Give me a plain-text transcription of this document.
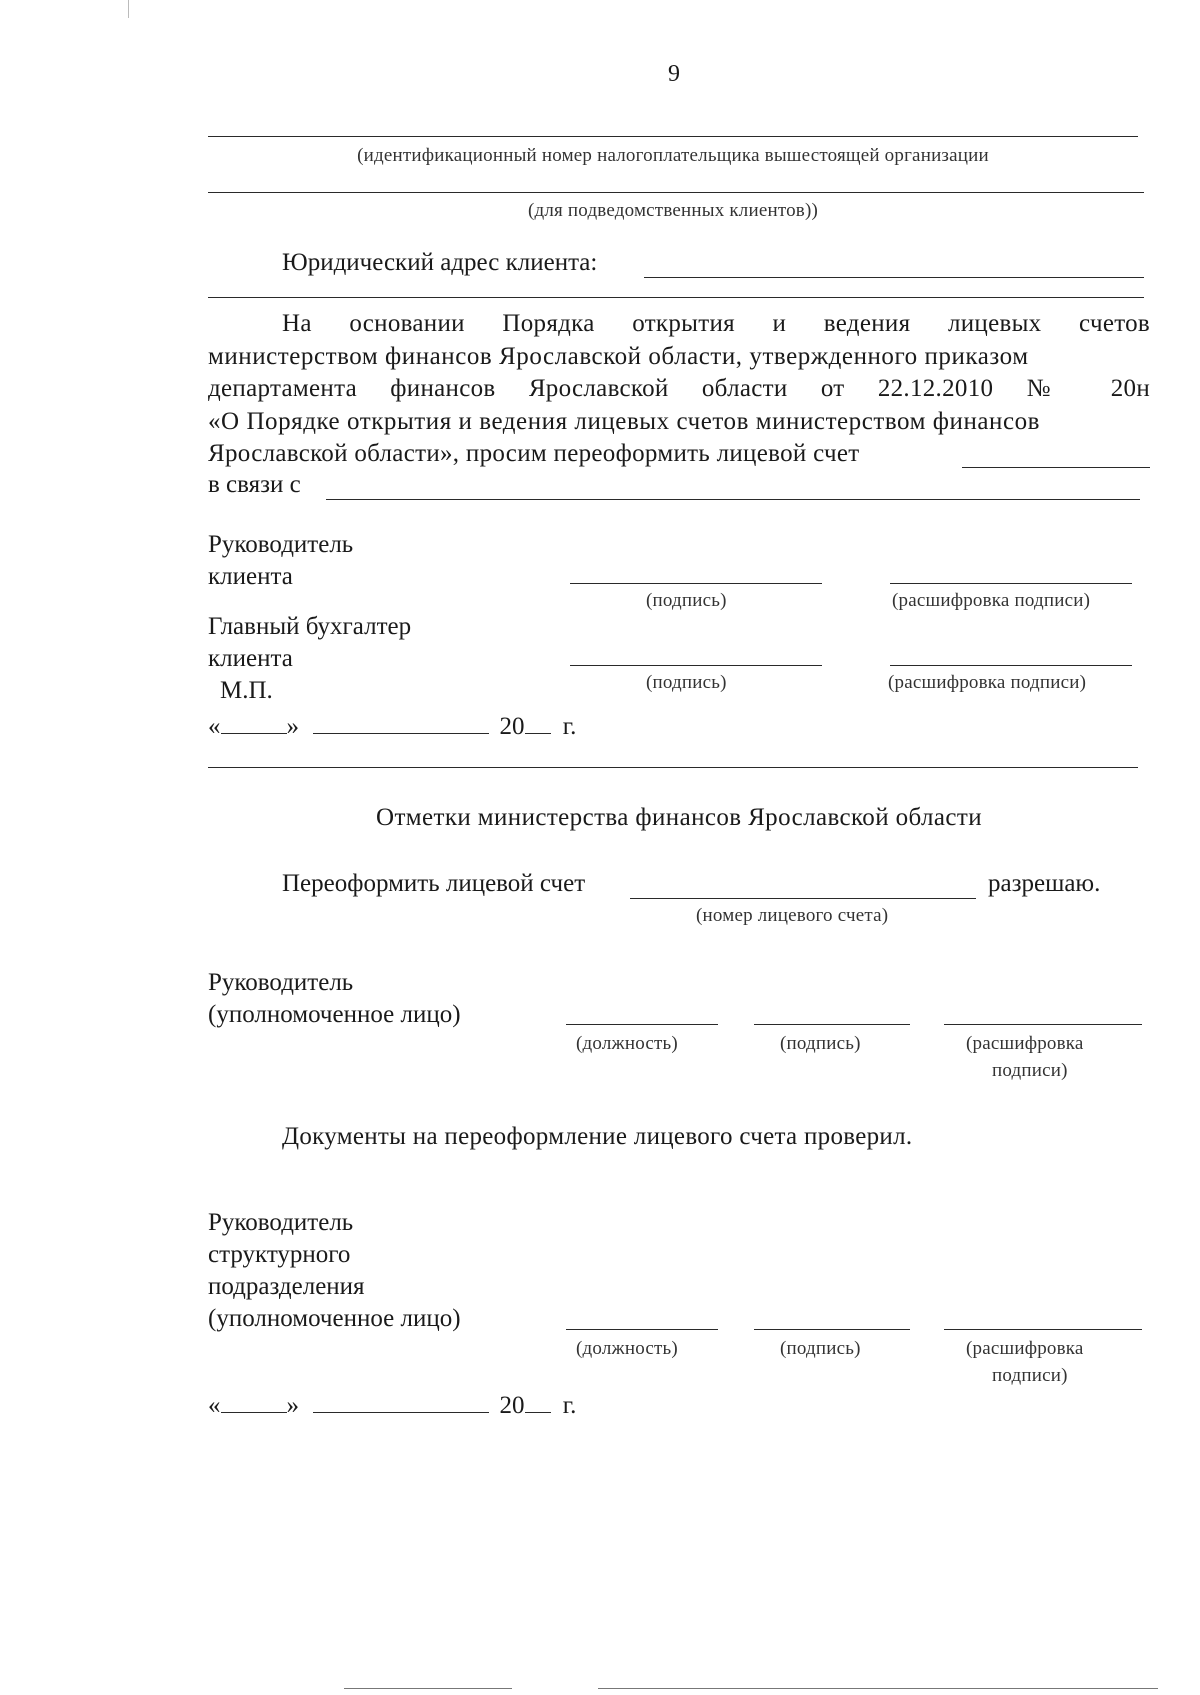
9
(идентификационный номер налогоплательщика вышестоящей организации
(для подведомственных клиентов))
Юридический адрес клиента:
На основании Порядка открытия и ведения лицевых счетов
министерством финансов Ярославской области, утвержденного приказом
департамента финансов Ярославской области от 22.12.2010 № 20н
«О Порядке открытия и ведения лицевых счетов министерством финансов
Ярославской области», просим переоформить лицевой счет
в связи с
Руководитель
клиента
(подпись)	(расшифровка подписи)
Главный бухгалтер
клиента
(подпись)	(расшифровка подписи)
М.П.
«	»	20 г.
Отметки министерства финансов Ярославской области
Переоформить лицевой счет	разрешаю.
(номер лицевого счета)
Руководитель
(уполномоченное лицо)
(должность)	(подпись)	(расшифровка
подписи)
Документы на переоформление лицевого счета проверил.
Руководитель
структурного
подразделения
(уполномоченное лицо)
(должность)	(подпись)	(расшифровка
подписи)
«	»	20 г.
